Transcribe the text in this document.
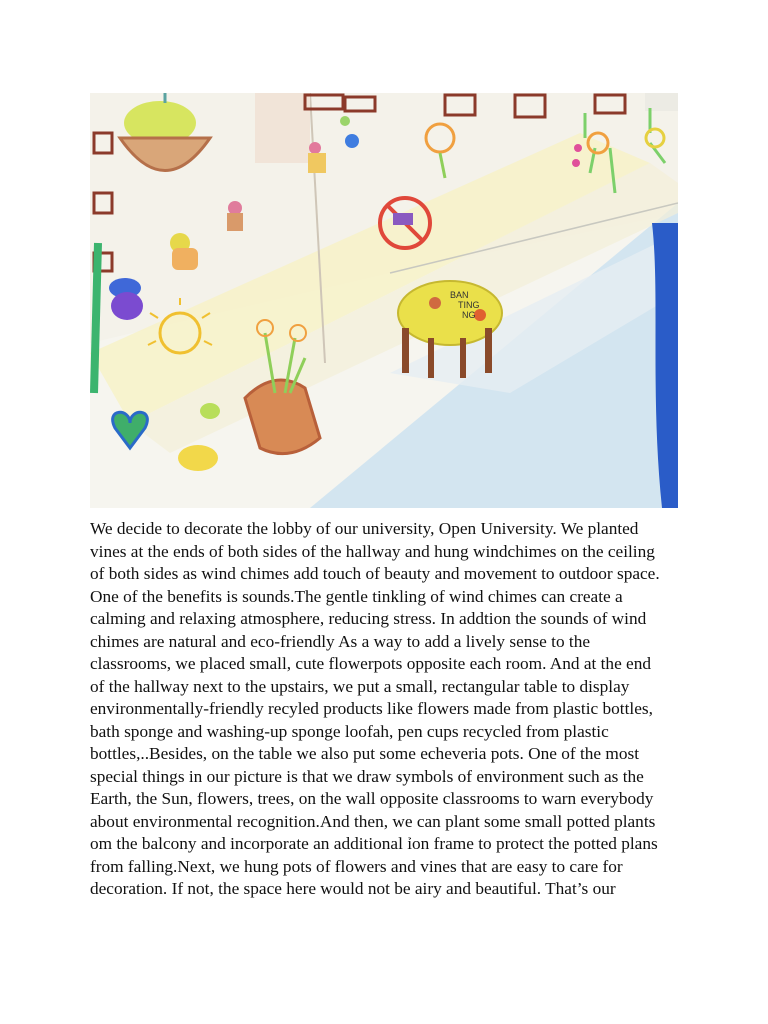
BAN
TING
NG

We decide to decorate the lobby of our university, Open University. We planted
vines at the ends of both sides of the hallway and hung windchimes on the ceiling
of both sides as wind chimes add touch of beauty and movement to outdoor space.
One of the benefits is sounds.The gentle tinkling of wind chimes can create a
calming and relaxing atmosphere, reducing stress. In addtion the sounds of wind
chimes are natural and eco-friendly As a way to add a lively sense to the
classrooms, we placed small, cute flowerpots opposite each room. And at the end
of the hallway next to the upstairs, we put a small, rectangular table to display
environmentally-friendly recyled products like flowers made from plastic bottles,
bath sponge and washing-up sponge loofah, pen cups recycled from plastic
bottles,..Besides, on the table we also put some echeveria pots. One of the most
special things in our picture is that we draw symbols of environment such as the
Earth, the Sun, flowers, trees, on the wall opposite classrooms to warn everybody
about environmental recognition.And then, we can plant some small potted plants
om the balcony and incorporate an additional ỉon frame to protect the potted plans
from falling.Next, we hung pots of flowers and vines that are easy to care for
decoration. If not, the space here would not be airy and beautiful. That’s our
